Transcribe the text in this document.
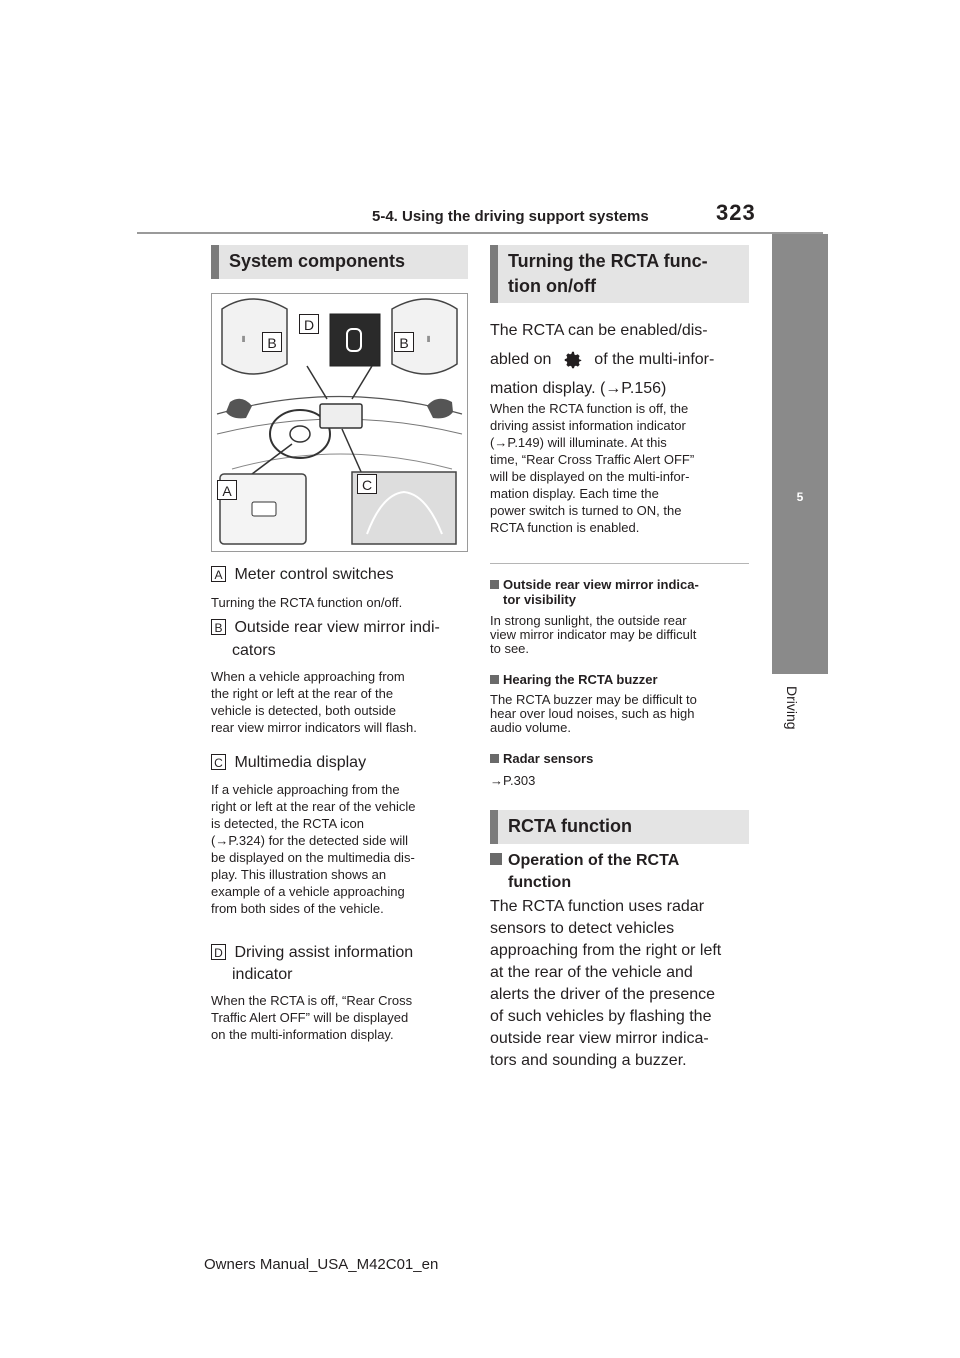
5-4. Using the driving support systems	323
5
Driving
System components
⦀	⦀
B	B
D
A	C
A Meter control switches
Turning the RCTA function on/off.
B Outside rear view mirror indi-
cators
When a vehicle approaching from
the right or left at the rear of the
vehicle is detected, both outside
rear view mirror indicators will flash.
C Multimedia display
If a vehicle approaching from the
right or left at the rear of the vehicle
is detected, the RCTA icon
(→P.324) for the detected side will
be displayed on the multimedia dis-
play. This illustration shows an
example of a vehicle approaching
from both sides of the vehicle.
D Driving assist information
indicator
When the RCTA is off, “Rear Cross
Traffic Alert OFF” will be displayed
on the multi-information display.
Turning the RCTA func-
tion on/off
The RCTA can be enabled/dis-
abled on	of the multi-infor-
mation display. (→P.156)
When the RCTA function is off, the
driving assist information indicator
(→P.149) will illuminate. At this
time, “Rear Cross Traffic Alert OFF”
will be displayed on the multi-infor-
mation display. Each time the
power switch is turned to ON, the
RCTA function is enabled.
Outside rear view mirror indica-
tor visibility
In strong sunlight, the outside rear
view mirror indicator may be difficult
to see.
Hearing the RCTA buzzer
The RCTA buzzer may be difficult to
hear over loud noises, such as high
audio volume.
Radar sensors
→P.303
RCTA function
Operation of the RCTA
function
The RCTA function uses radar
sensors to detect vehicles
approaching from the right or left
at the rear of the vehicle and
alerts the driver of the presence
of such vehicles by flashing the
outside rear view mirror indica-
tors and sounding a buzzer.
Owners Manual_USA_M42C01_en
